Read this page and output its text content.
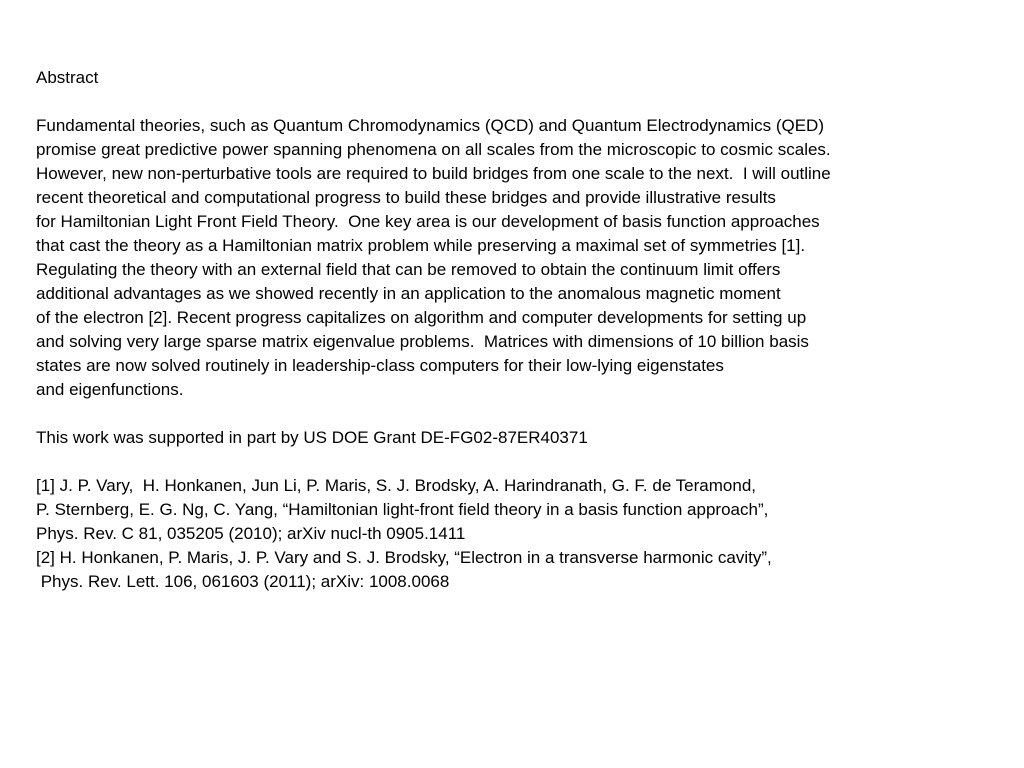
Abstract
Fundamental theories, such as Quantum Chromodynamics (QCD) and Quantum Electrodynamics (QED)
promise great predictive power spanning phenomena on all scales from the microscopic to cosmic scales.
However, new non-perturbative tools are required to build bridges from one scale to the next.  I will outline
recent theoretical and computational progress to build these bridges and provide illustrative results
for Hamiltonian Light Front Field Theory.  One key area is our development of basis function approaches
that cast the theory as a Hamiltonian matrix problem while preserving a maximal set of symmetries [1].
Regulating the theory with an external field that can be removed to obtain the continuum limit offers
additional advantages as we showed recently in an application to the anomalous magnetic moment
of the electron [2]. Recent progress capitalizes on algorithm and computer developments for setting up
and solving very large sparse matrix eigenvalue problems.  Matrices with dimensions of 10 billion basis
states are now solved routinely in leadership-class computers for their low-lying eigenstates
and eigenfunctions.
This work was supported in part by US DOE Grant DE-FG02-87ER40371
[1] J. P. Vary,  H. Honkanen, Jun Li, P. Maris, S. J. Brodsky, A. Harindranath, G. F. de Teramond,
P. Sternberg, E. G. Ng, C. Yang, “Hamiltonian light-front field theory in a basis function approach”,
Phys. Rev. C 81, 035205 (2010); arXiv nucl-th 0905.1411
[2] H. Honkanen, P. Maris, J. P. Vary and S. J. Brodsky, “Electron in a transverse harmonic cavity”,
Phys. Rev. Lett. 106, 061603 (2011); arXiv: 1008.0068
